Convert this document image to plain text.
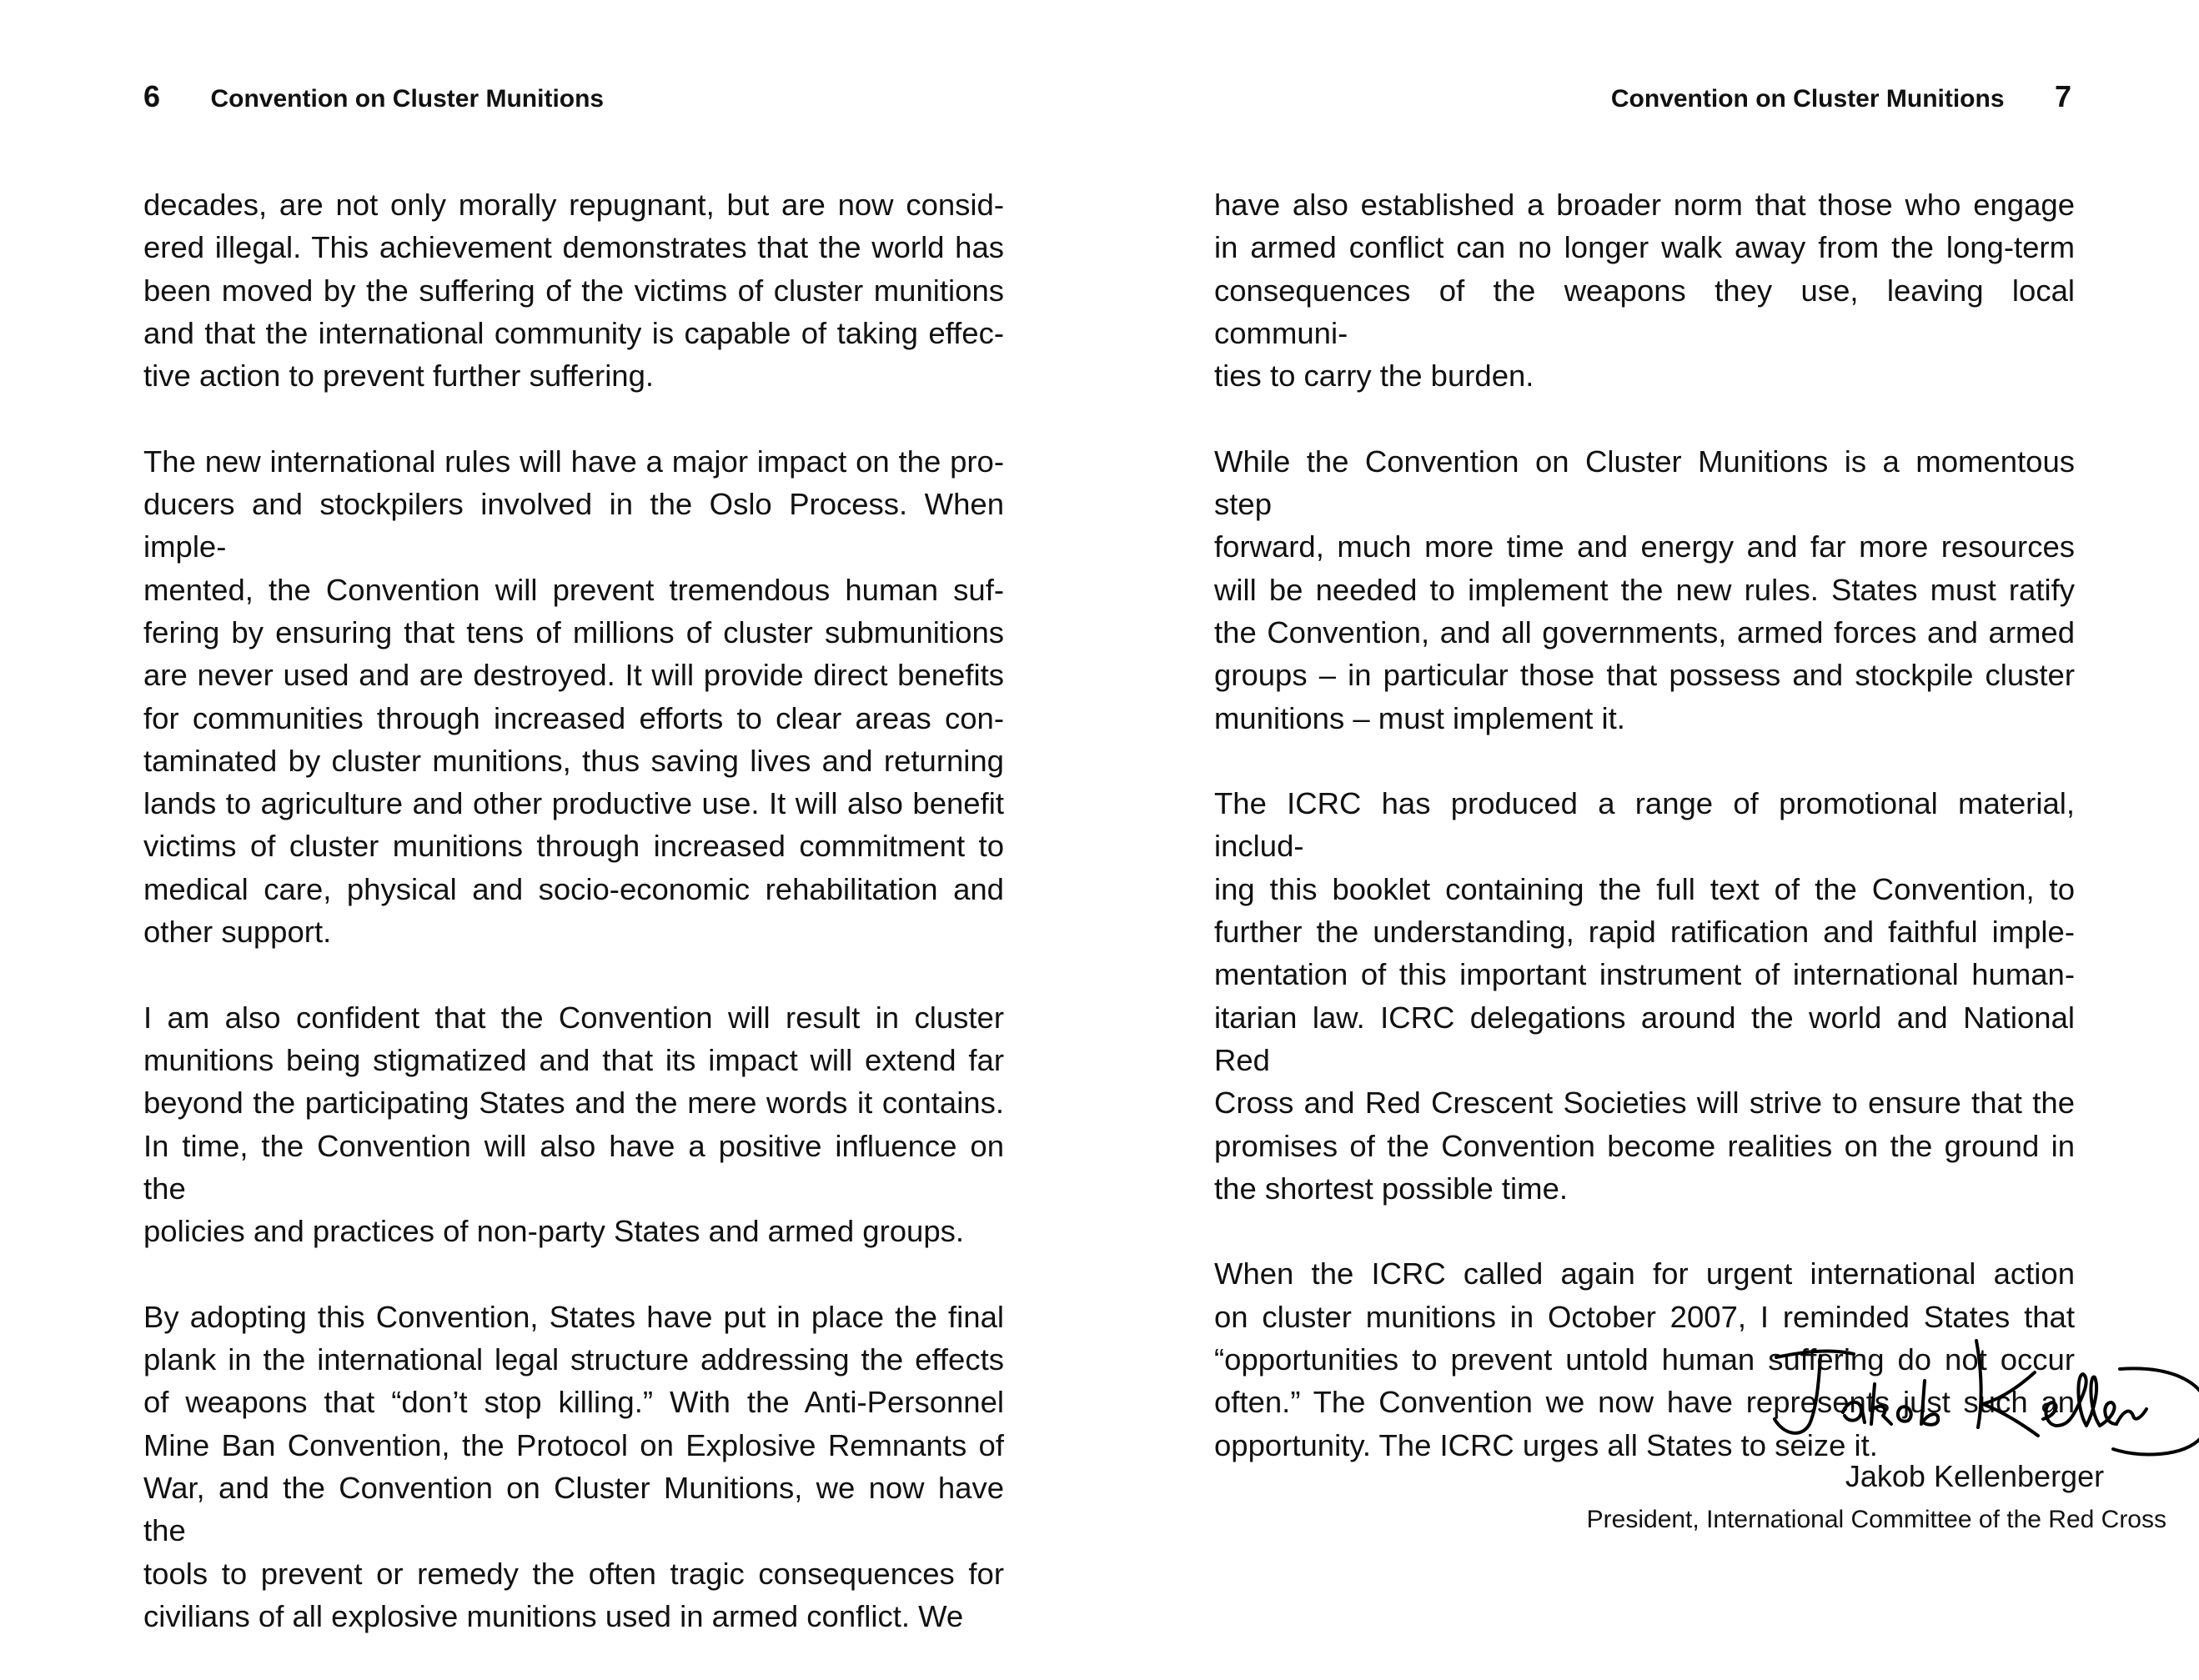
6 Convention on Cluster Munitions

decades, are not only morally repugnant, but are now consid-
ered illegal. This achievement demonstrates that the world has
been moved by the suffering of the victims of cluster munitions
and that the international community is capable of taking effec-
tive action to prevent further suffering.

The new international rules will have a major impact on the pro-
ducers and stockpilers involved in the Oslo Process. When imple-
mented, the Convention will prevent tremendous human suf-
fering by ensuring that tens of millions of cluster submunitions
are never used and are destroyed. It will provide direct benefits
for communities through increased efforts to clear areas con-
taminated by cluster munitions, thus saving lives and returning
lands to agriculture and other productive use. It will also benefit
victims of cluster munitions through increased commitment to
medical care, physical and socio-economic rehabilitation and
other support.

I am also confident that the Convention will result in cluster
munitions being stigmatized and that its impact will extend far
beyond the participating States and the mere words it contains.
In time, the Convention will also have a positive influence on the
policies and practices of non-party States and armed groups.

By adopting this Convention, States have put in place the final
plank in the international legal structure addressing the effects
of weapons that “don’t stop killing.” With the Anti-Personnel
Mine Ban Convention, the Protocol on Explosive Remnants of
War, and the Convention on Cluster Munitions, we now have the
tools to prevent or remedy the often tragic consequences for
civilians of all explosive munitions used in armed conflict. We

Convention on Cluster Munitions 7

have also established a broader norm that those who engage
in armed conflict can no longer walk away from the long-term
consequences of the weapons they use, leaving local communi-
ties to carry the burden.

While the Convention on Cluster Munitions is a momentous step
forward, much more time and energy and far more resources
will be needed to implement the new rules. States must ratify
the Convention, and all governments, armed forces and armed
groups – in particular those that possess and stockpile cluster
munitions – must implement it.

The ICRC has produced a range of promotional material, includ-
ing this booklet containing the full text of the Convention, to
further the understanding, rapid ratification and faithful imple-
mentation of this important instrument of international human-
itarian law. ICRC delegations around the world and National Red
Cross and Red Crescent Societies will strive to ensure that the
promises of the Convention become realities on the ground in
the shortest possible time.

When the ICRC called again for urgent international action
on cluster munitions in October 2007, I reminded States that
“opportunities to prevent untold human suffering do not occur
often.” The Convention we now have represents just such an
opportunity. The ICRC urges all States to seize it.

Jakob Kellenberger
President, International Committee of the Red Cross
